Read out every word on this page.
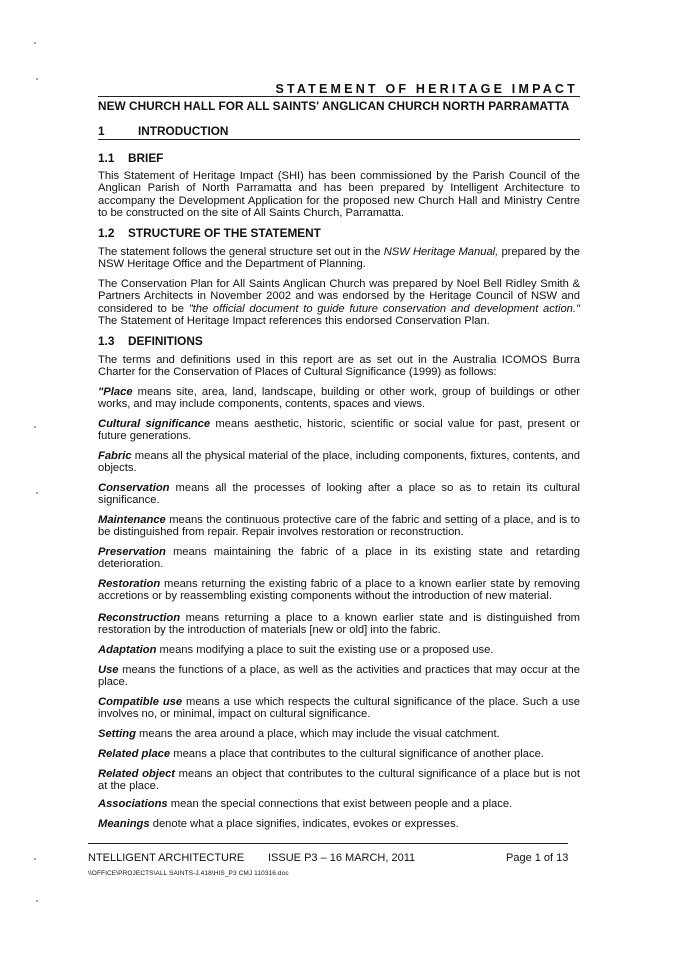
STATEMENT OF HERITAGE IMPACT
NEW CHURCH HALL FOR ALL SAINTS' ANGLICAN CHURCH NORTH PARRAMATTA
1	INTRODUCTION
1.1 BRIEF
This Statement of Heritage Impact (SHI) has been commissioned by the Parish Council of the Anglican Parish of North Parramatta and has been prepared by Intelligent Architecture to accompany the Development Application for the proposed new Church Hall and Ministry Centre to be constructed on the site of All Saints Church, Parramatta.
1.2 STRUCTURE OF THE STATEMENT
The statement follows the general structure set out in the NSW Heritage Manual, prepared by the NSW Heritage Office and the Department of Planning.
The Conservation Plan for All Saints Anglican Church was prepared by Noel Bell Ridley Smith & Partners Architects in November 2002 and was endorsed by the Heritage Council of NSW and considered to be "the official document to guide future conservation and development action." The Statement of Heritage Impact references this endorsed Conservation Plan.
1.3 DEFINITIONS
The terms and definitions used in this report are as set out in the Australia ICOMOS Burra Charter for the Conservation of Places of Cultural Significance (1999) as follows:
"Place means site, area, land, landscape, building or other work, group of buildings or other works, and may include components, contents, spaces and views.
Cultural significance means aesthetic, historic, scientific or social value for past, present or future generations.
Fabric means all the physical material of the place, including components, fixtures, contents, and objects.
Conservation means all the processes of looking after a place so as to retain its cultural significance.
Maintenance means the continuous protective care of the fabric and setting of a place, and is to be distinguished from repair. Repair involves restoration or reconstruction.
Preservation means maintaining the fabric of a place in its existing state and retarding deterioration.
Restoration means returning the existing fabric of a place to a known earlier state by removing accretions or by reassembling existing components without the introduction of new material.
Reconstruction means returning a place to a known earlier state and is distinguished from restoration by the introduction of materials [new or old] into the fabric.
Adaptation means modifying a place to suit the existing use or a proposed use.
Use means the functions of a place, as well as the activities and practices that may occur at the place.
Compatible use means a use which respects the cultural significance of the place. Such a use involves no, or minimal, impact on cultural significance.
Setting means the area around a place, which may include the visual catchment.
Related place means a place that contributes to the cultural significance of another place.
Related object means an object that contributes to the cultural significance of a place but is not at the place.
Associations mean the special connections that exist between people and a place.
Meanings denote what a place signifies, indicates, evokes or expresses.
NTELLIGENT ARCHITECTURE ISSUE P3 – 16 MARCH, 2011	Page 1 of 13
\\OFFICE\PROJECTS\ALL SAINTS-J.418\HIS_P3 CMJ 110316.doc
